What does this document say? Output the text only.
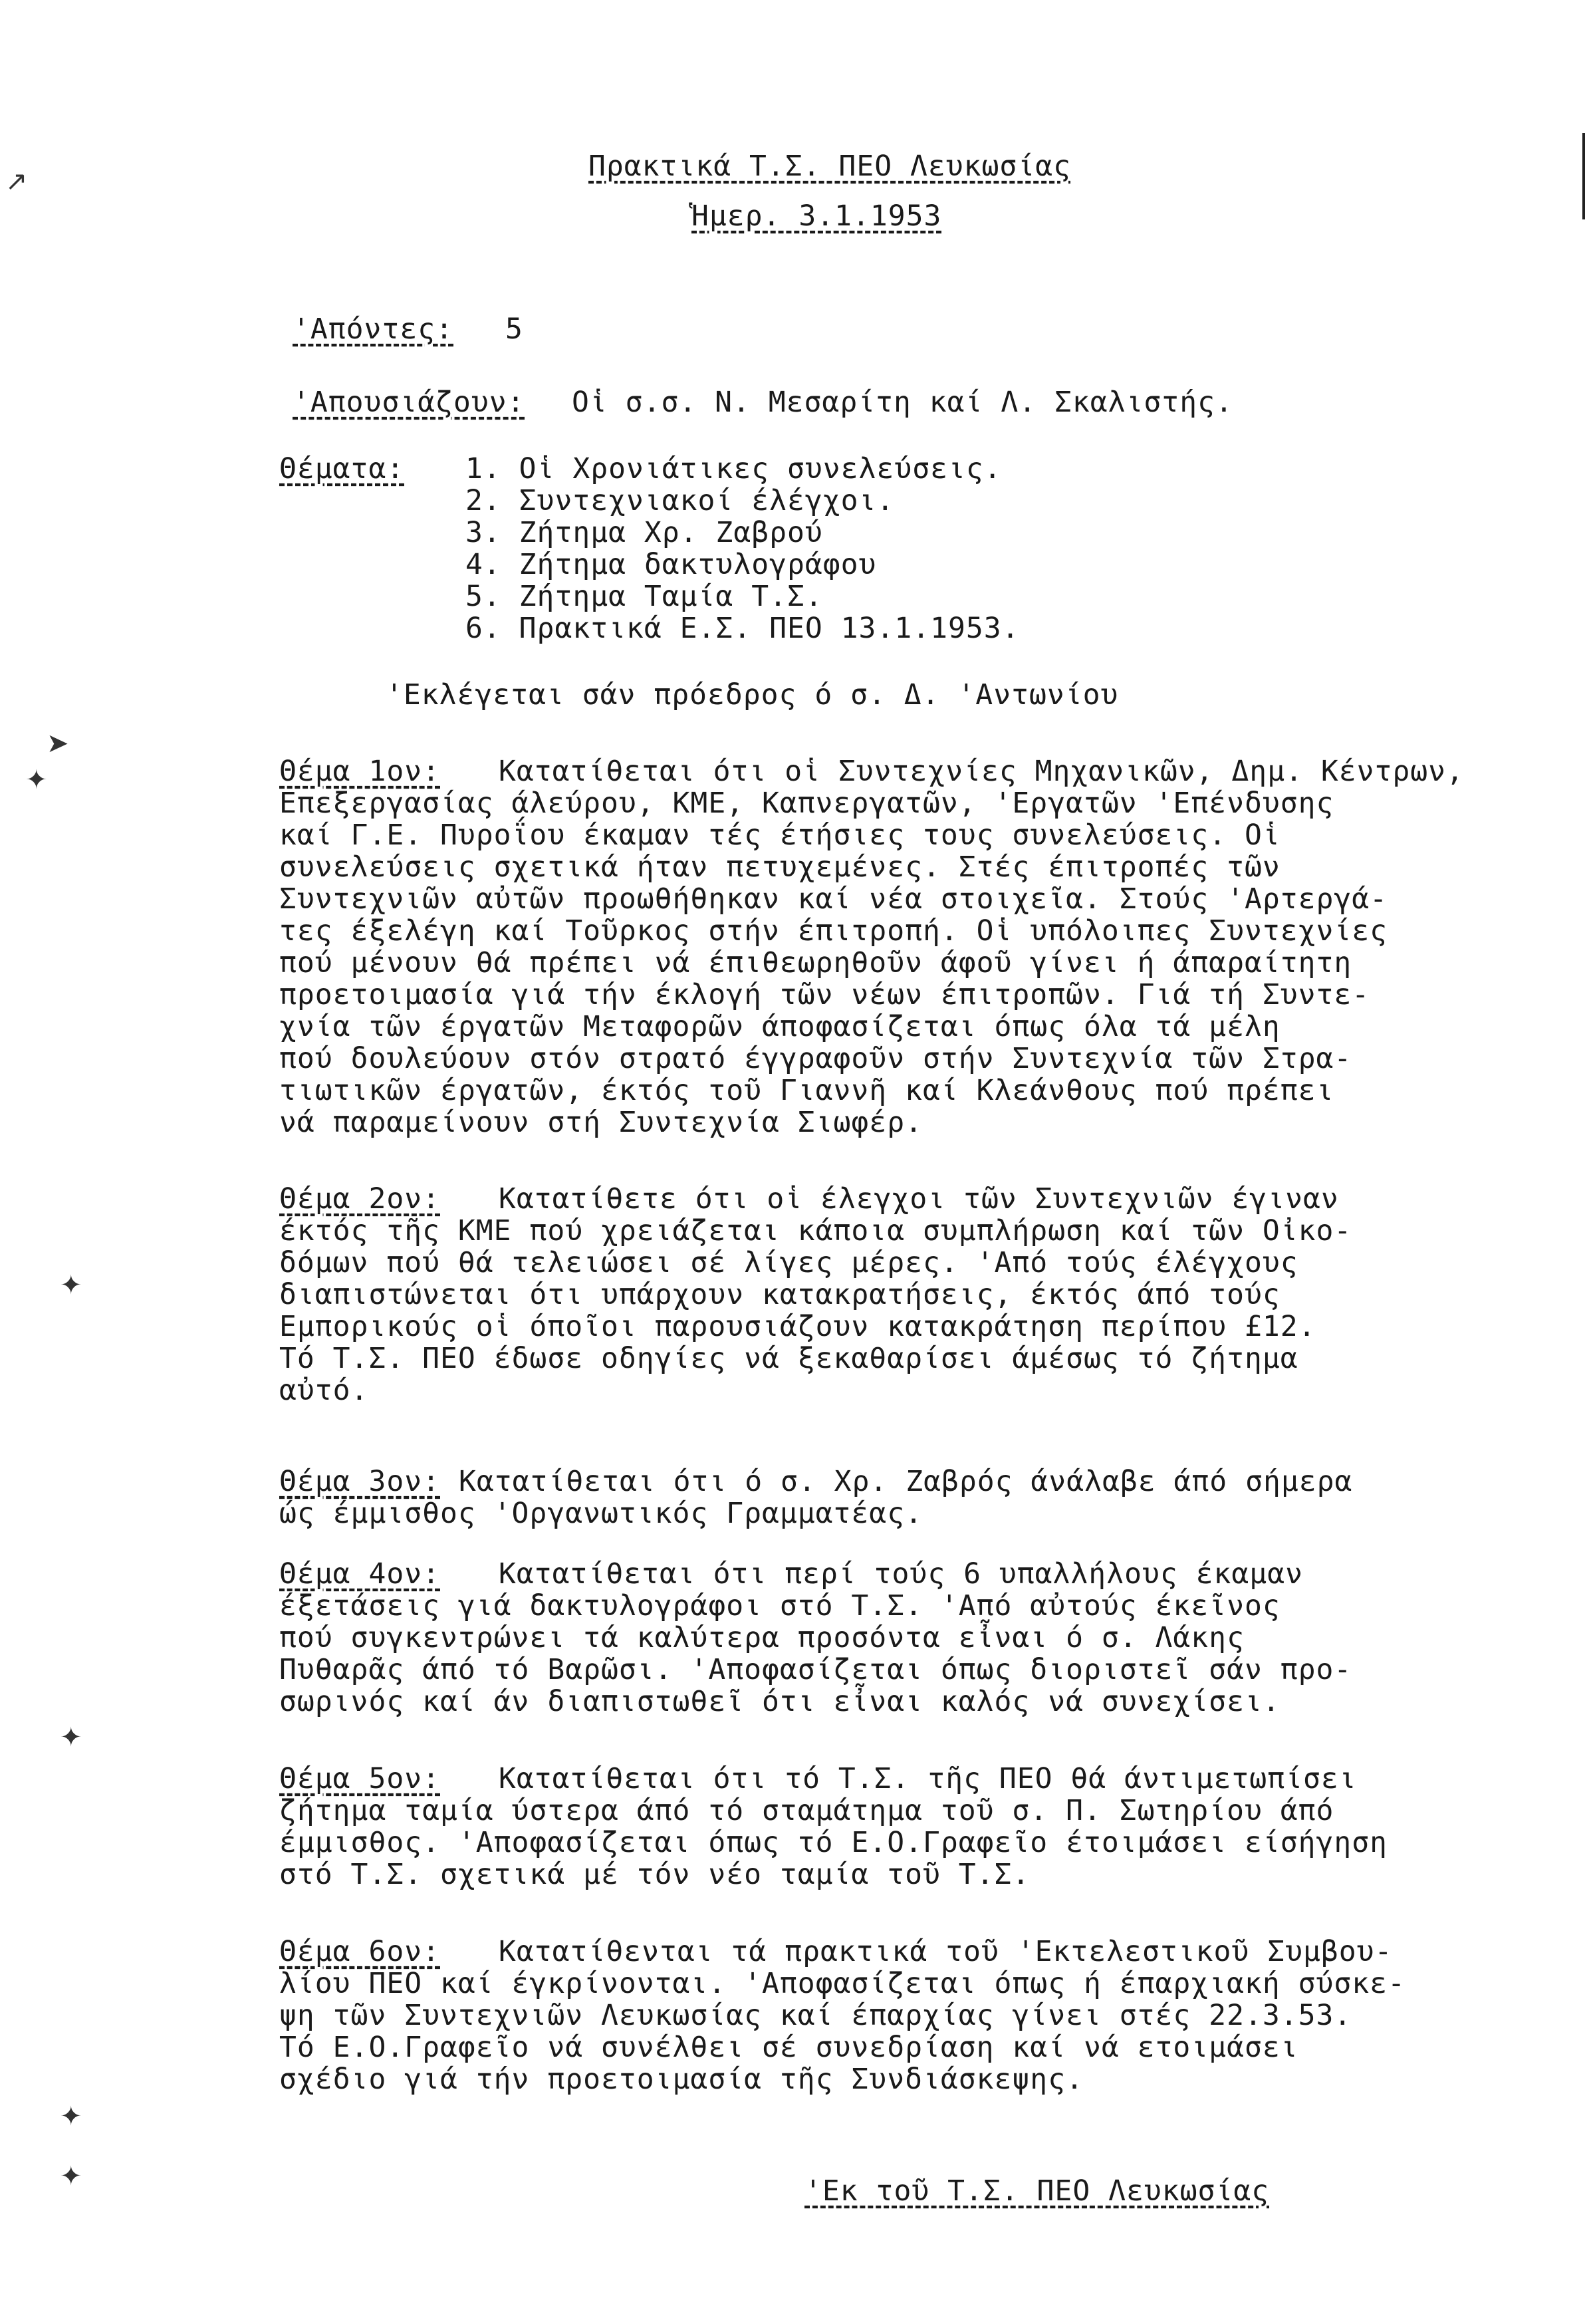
↗
➤
✦
✦
✦
✦
✦
Πρακτικά Τ.Σ. ΠΕΟ Λευκωσίας
Ἡμερ. 3.1.1953
'Απόντες: 5
'Απουσιάζουν: Οἱ σ.σ. Ν. Μεσαρίτη καί Λ. Σκαλιστής.
Θέματα: 1. Οἱ Χρονιάτικες συνελεύσεις.
2. Συντεχνιακοί έλέγχοι.
3. Ζήτημα Χρ. Ζαβρού
4. Ζήτημα δακτυλογράφου
5. Ζήτημα Ταμία Τ.Σ.
6. Πρακτικά Ε.Σ. ΠΕΟ 13.1.1953.
'Εκλέγεται σάν πρόεδρος ό σ. Δ. 'Αντωνίου
Θέμα 1ον: Κατατίθεται ότι οἱ Συντεχνίες Μηχανικῶν, Δημ. Κέντρων,
Επεξεργασίας άλεύρου, ΚΜΕ, Καπνεργατῶν, 'Εργατῶν 'Επένδυσης
καί Γ.Ε. Πυροΐου έκαμαν τές έτήσιες τους συνελεύσεις. Οἱ
συνελεύσεις σχετικά ήταν πετυχεμένες. Στές έπιτροπές τῶν
Συντεχνιῶν αὐτῶν προωθήθηκαν καί νέα στοιχεῖα. Στούς 'Αρτεργά-
τες έξελέγη καί Τοῦρκος στήν έπιτροπή. Οἱ υπόλοιπες Συντεχνίες
πού μένουν θά πρέπει νά έπιθεωρηθοῦν άφοῦ γίνει ή άπαραίτητη
προετοιμασία γιά τήν έκλογή τῶν νέων έπιτροπῶν. Γιά τή Συντε-
χνία τῶν έργατῶν Μεταφορῶν άποφασίζεται όπως όλα τά μέλη
πού δουλεύουν στόν στρατό έγγραφοῦν στήν Συντεχνία τῶν Στρα-
τιωτικῶν έργατῶν, έκτός τοῦ Γιαννῆ καί Κλεάνθους πού πρέπει
νά παραμείνουν στή Συντεχνία Σιωφέρ.
Θέμα 2ον: Κατατίθετε ότι οἱ έλεγχοι τῶν Συντεχνιῶν έγιναν
έκτός τῆς ΚΜΕ πού χρειάζεται κάποια συμπλήρωση καί τῶν Οἰκο-
δόμων πού θά τελειώσει σέ λίγες μέρες. 'Από τούς έλέγχους
διαπιστώνεται ότι υπάρχουν κατακρατήσεις, έκτός άπό τούς
Εμπορικούς οἱ όποῖοι παρουσιάζουν κατακράτηση περίπου £12.
Τό Τ.Σ. ΠΕΟ έδωσε οδηγίες νά ξεκαθαρίσει άμέσως τό ζήτημα
αὐτό.
Θέμα 3ον: Κατατίθεται ότι ό σ. Χρ. Ζαβρός άνάλαβε άπό σήμερα
ώς έμμισθος 'Οργανωτικός Γραμματέας.
Θέμα 4ον: Κατατίθεται ότι περί τούς 6 υπαλλήλους έκαμαν
έξετάσεις γιά δακτυλογράφοι στό Τ.Σ. 'Από αὐτούς έκεῖνος
πού συγκεντρώνει τά καλύτερα προσόντα εἶναι ό σ. Λάκης
Πυθαρᾶς άπό τό Βαρῶσι. 'Αποφασίζεται όπως διοριστεῖ σάν προ-
σωρινός καί άν διαπιστωθεῖ ότι εἶναι καλός νά συνεχίσει.
Θέμα 5ον: Κατατίθεται ότι τό Τ.Σ. τῆς ΠΕΟ θά άντιμετωπίσει
ζήτημα ταμία ύστερα άπό τό σταμάτημα τοῦ σ. Π. Σωτηρίου άπό
έμμισθος. 'Αποφασίζεται όπως τό Ε.Ο.Γραφεῖο έτοιμάσει είσήγηση
στό Τ.Σ. σχετικά μέ τόν νέο ταμία τοῦ Τ.Σ.
Θέμα 6ον: Κατατίθενται τά πρακτικά τοῦ 'Εκτελεστικοῦ Συμβου-
λίου ΠΕΟ καί έγκρίνονται. 'Αποφασίζεται όπως ή έπαρχιακή σύσκε-
ψη τῶν Συντεχνιῶν Λευκωσίας καί έπαρχίας γίνει στές 22.3.53.
Τό Ε.Ο.Γραφεῖο νά συνέλθει σέ συνεδρίαση καί νά ετοιμάσει
σχέδιο γιά τήν προετοιμασία τῆς Συνδιάσκεψης.
'Εκ τοῦ Τ.Σ. ΠΕΟ Λευκωσίας
